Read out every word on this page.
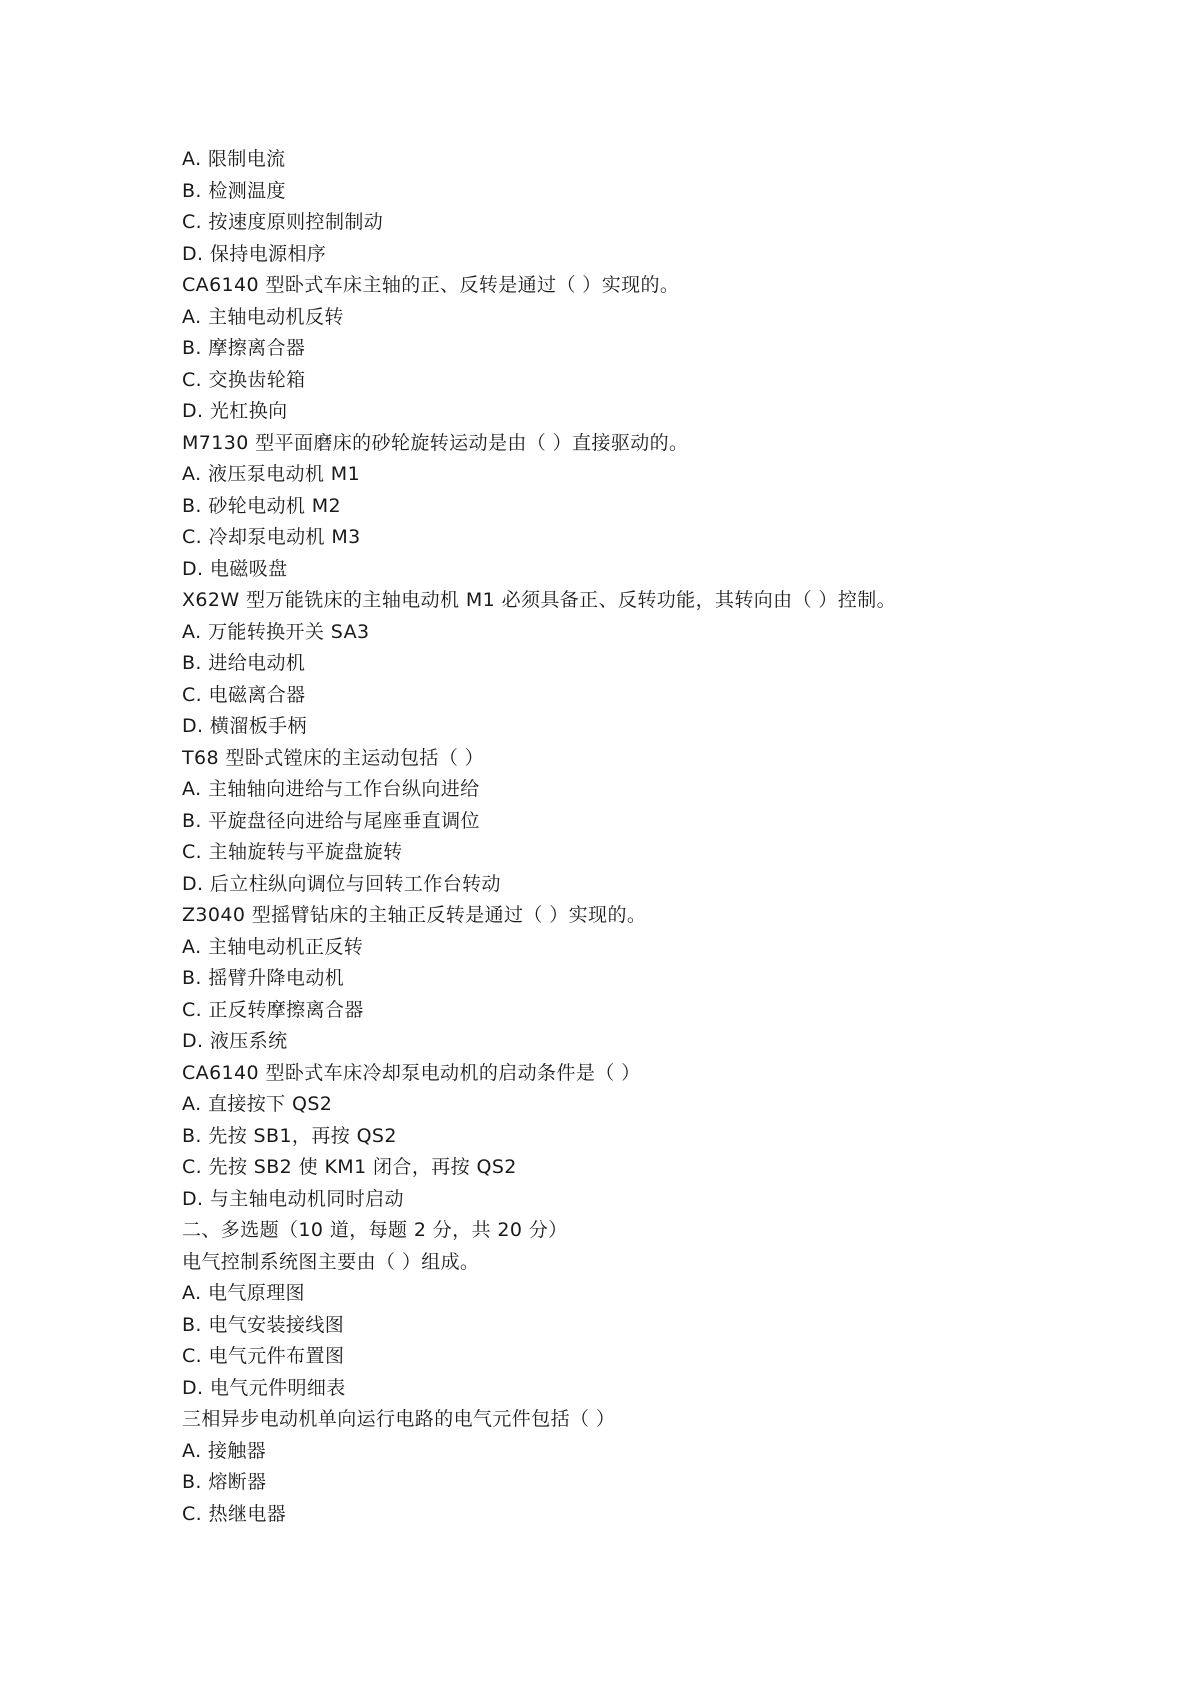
A. 限制电流
B. 检测温度
C. 按速度原则控制制动
D. 保持电源相序
CA6140 型卧式车床主轴的正、反转是通过（ ）实现的。
A. 主轴电动机反转
B. 摩擦离合器
C. 交换齿轮箱
D. 光杠换向
M7130 型平面磨床的砂轮旋转运动是由（ ）直接驱动的。
A. 液压泵电动机 M1
B. 砂轮电动机 M2
C. 冷却泵电动机 M3
D. 电磁吸盘
X62W 型万能铣床的主轴电动机 M1 必须具备正、反转功能，其转向由（ ）控制。
A. 万能转换开关 SA3
B. 进给电动机
C. 电磁离合器
D. 横溜板手柄
T68 型卧式镗床的主运动包括（ ）
A. 主轴轴向进给与工作台纵向进给
B. 平旋盘径向进给与尾座垂直调位
C. 主轴旋转与平旋盘旋转
D. 后立柱纵向调位与回转工作台转动
Z3040 型摇臂钻床的主轴正反转是通过（ ）实现的。
A. 主轴电动机正反转
B. 摇臂升降电动机
C. 正反转摩擦离合器
D. 液压系统
CA6140 型卧式车床冷却泵电动机的启动条件是（ ）
A. 直接按下 QS2
B. 先按 SB1，再按 QS2
C. 先按 SB2 使 KM1 闭合，再按 QS2
D. 与主轴电动机同时启动
二、多选题（10 道，每题 2 分，共 20 分）
电气控制系统图主要由（ ）组成。
A. 电气原理图
B. 电气安装接线图
C. 电气元件布置图
D. 电气元件明细表
三相异步电动机单向运行电路的电气元件包括（ ）
A. 接触器
B. 熔断器
C. 热继电器
